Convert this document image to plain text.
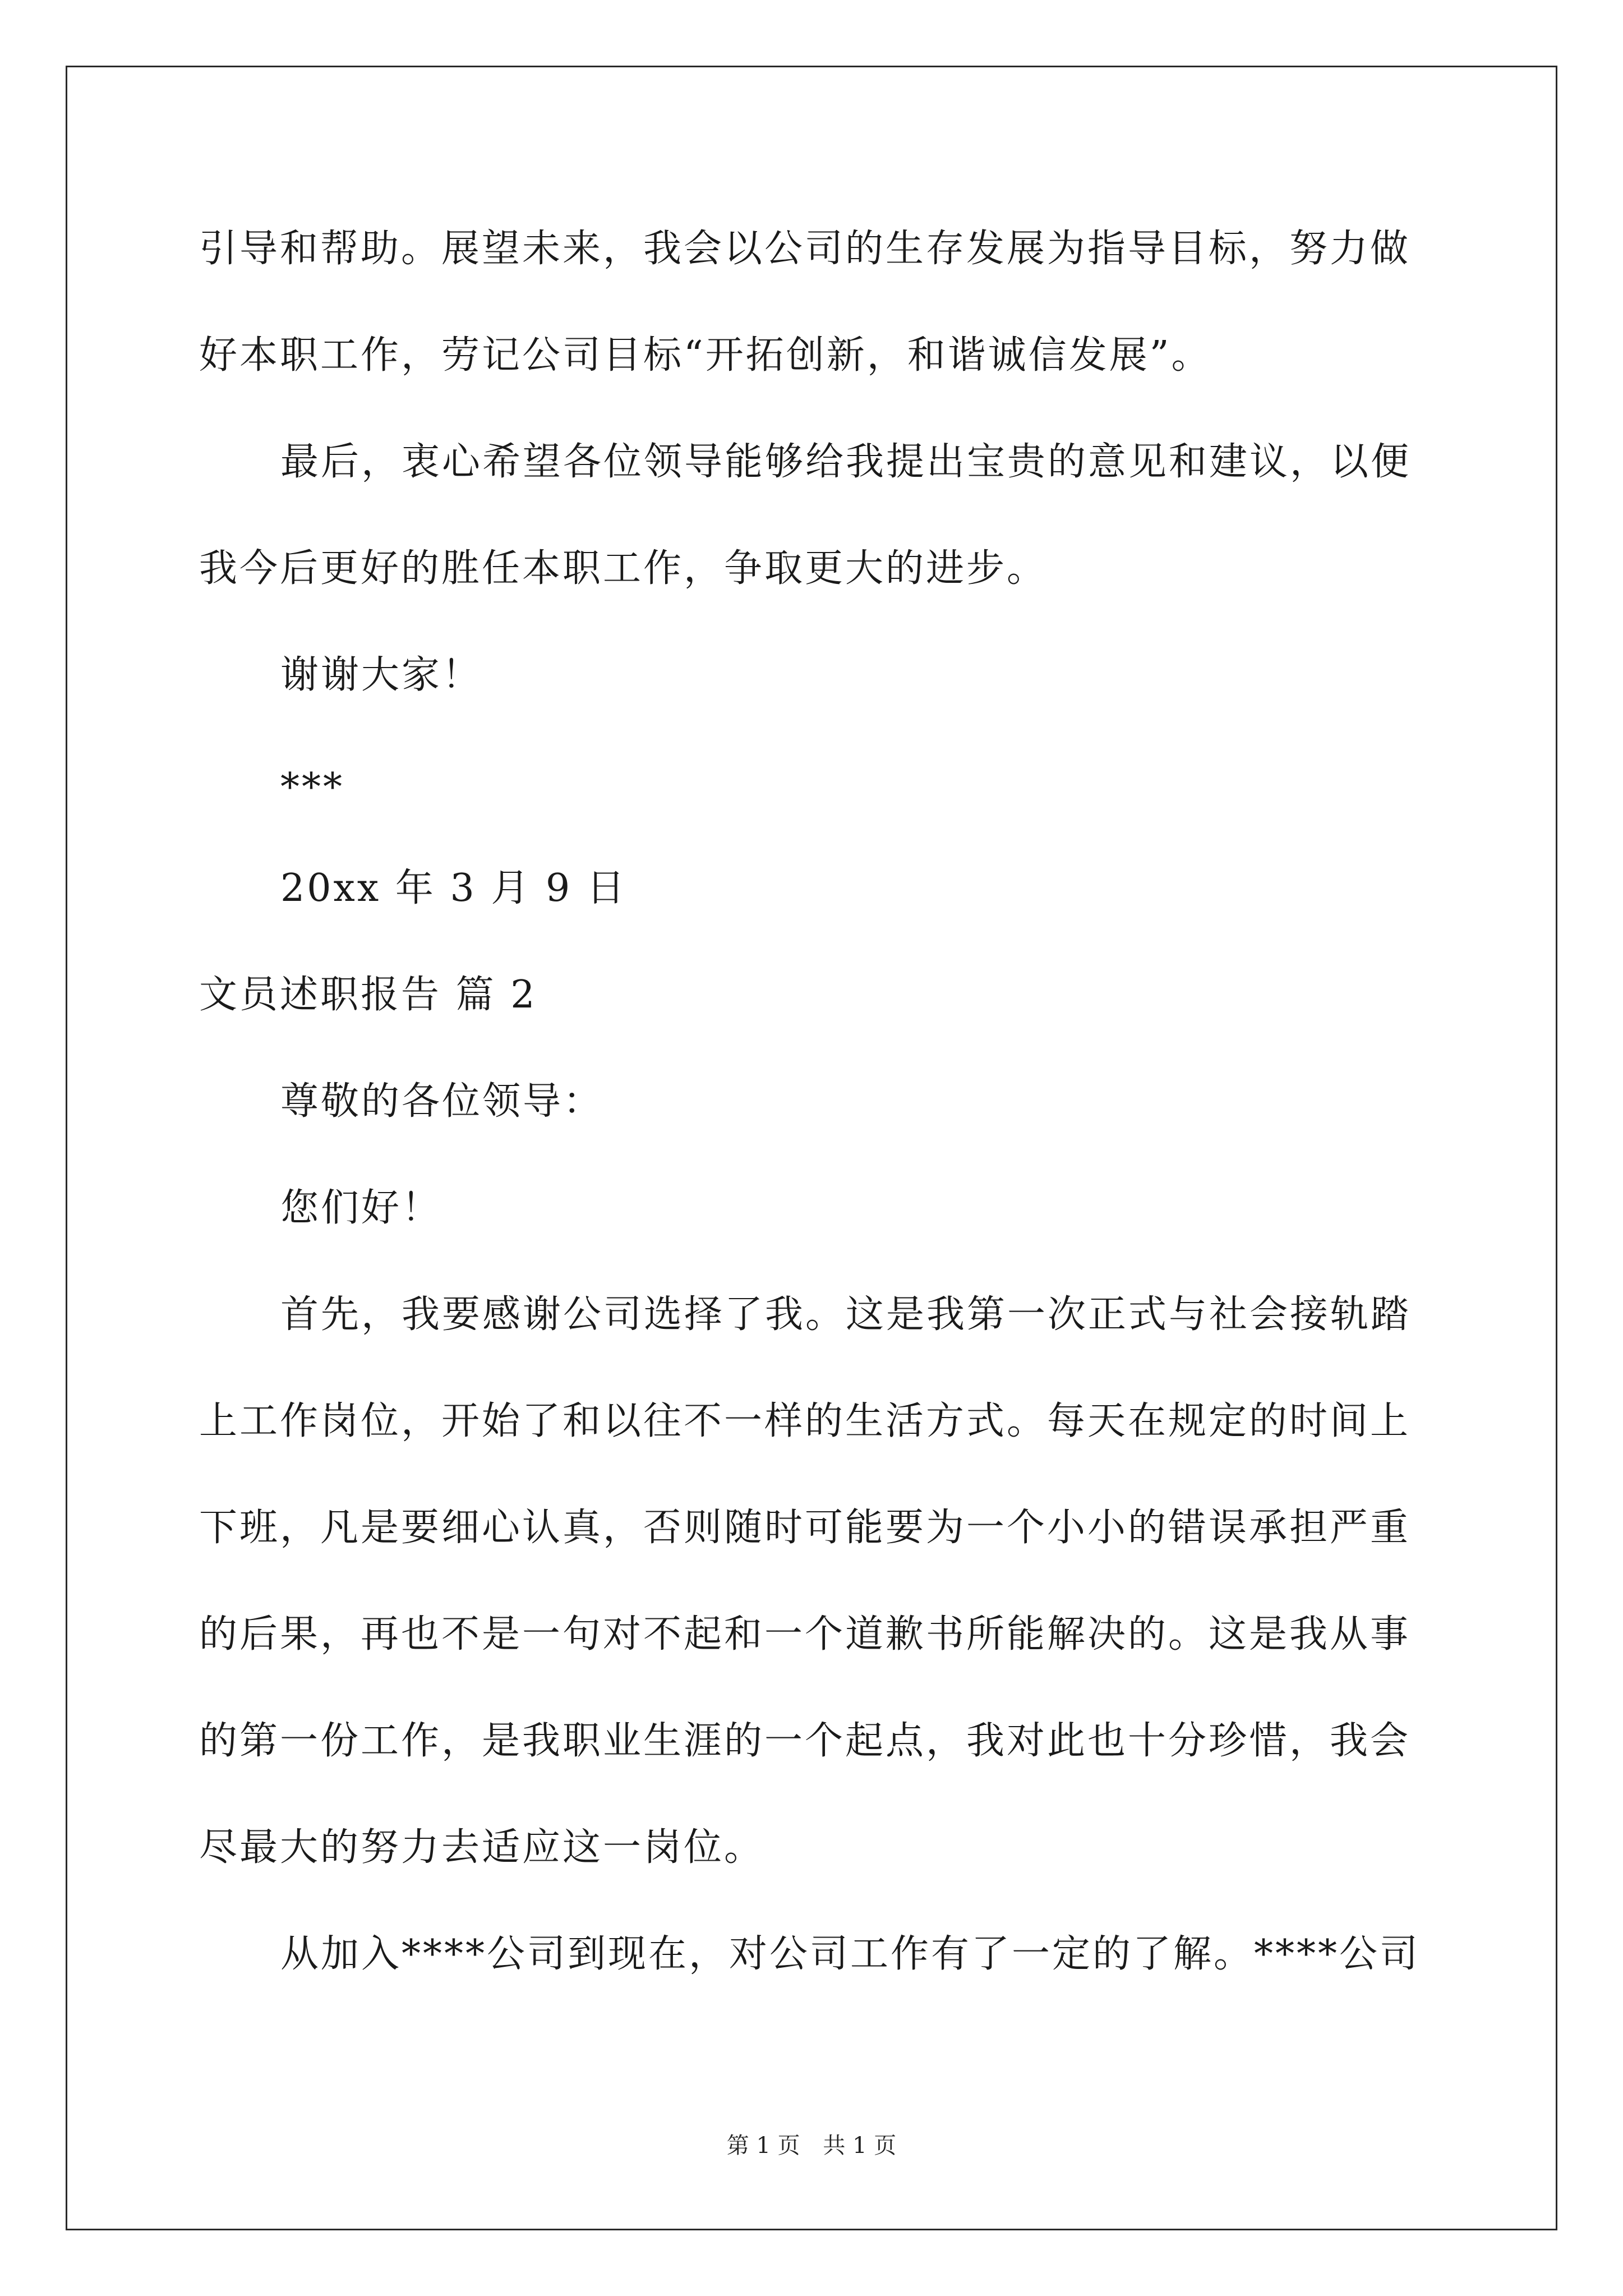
引导和帮助。展望未来，我会以公司的生存发展为指导目标，努力做
好本职工作，劳记公司目标“开拓创新，和谐诚信发展”。
最后，衷心希望各位领导能够给我提出宝贵的意见和建议，以便
我今后更好的胜任本职工作，争取更大的进步。
谢谢大家！
***
20xx 年 3 月 9 日
文员述职报告 篇 2
尊敬的各位领导：
您们好！
首先，我要感谢公司选择了我。这是我第一次正式与社会接轨踏
上工作岗位，开始了和以往不一样的生活方式。每天在规定的时间上
下班，凡是要细心认真，否则随时可能要为一个小小的错误承担严重
的后果，再也不是一句对不起和一个道歉书所能解决的。这是我从事
的第一份工作，是我职业生涯的一个起点，我对此也十分珍惜，我会
尽最大的努力去适应这一岗位。
从加入****公司到现在，对公司工作有了一定的了解。****公司
第 1 页 共 1 页
